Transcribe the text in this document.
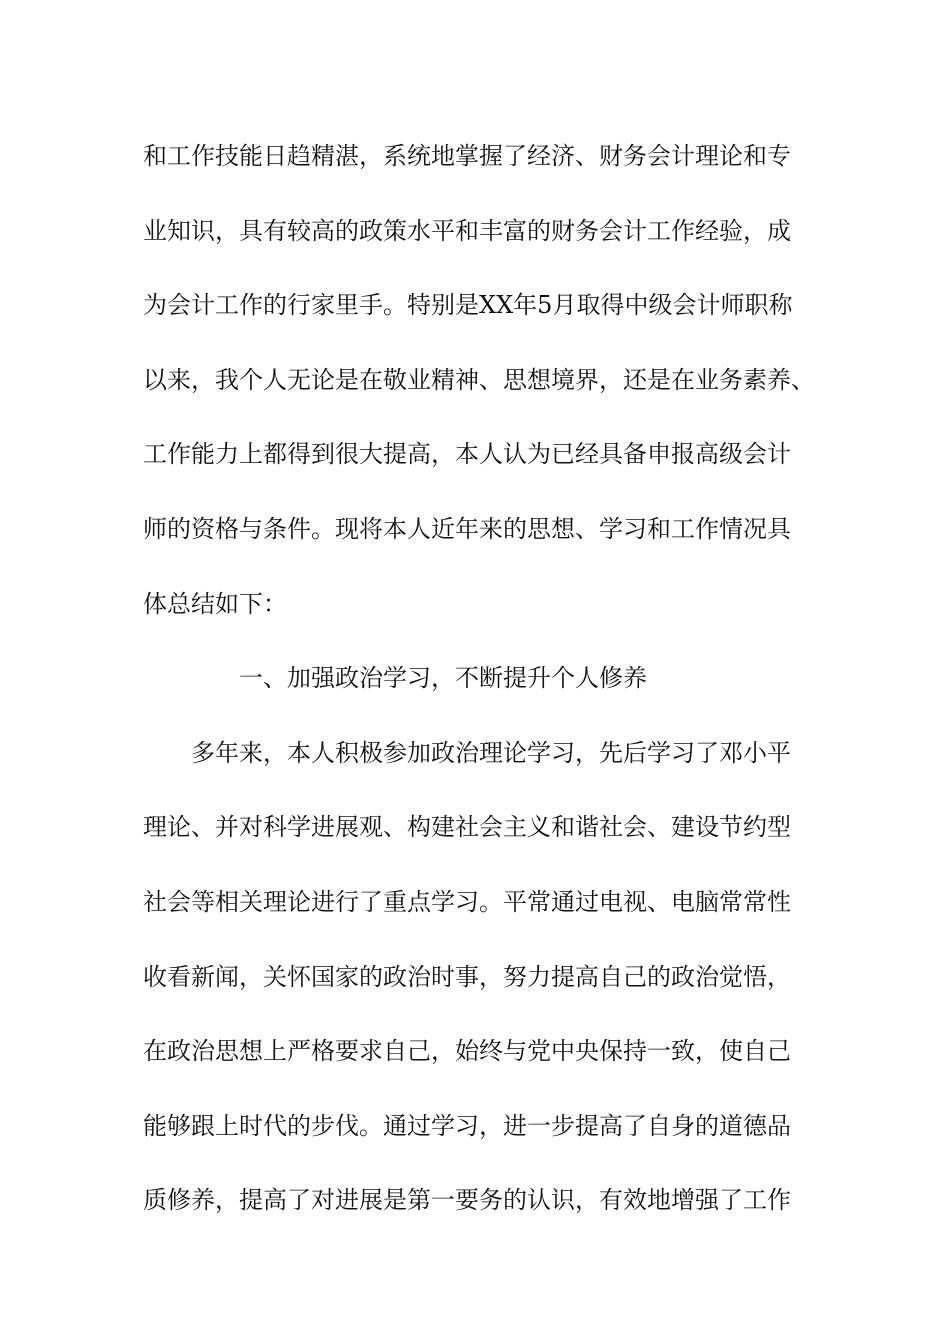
和工作技能日趋精湛，系统地掌握了经济、财务会计理论和专
业知识，具有较高的政策水平和丰富的财务会计工作经验，成
为会计工作的行家里手。特别是XX年5月取得中级会计师职称
以来，我个人无论是在敬业精神、思想境界，还是在业务素养、
工作能力上都得到很大提高，本人认为已经具备申报高级会计
师的资格与条件。现将本人近年来的思想、学习和工作情况具
体总结如下：
一、加强政治学习，不断提升个人修养
多年来，本人积极参加政治理论学习，先后学习了邓小平
理论、并对科学进展观、构建社会主义和谐社会、建设节约型
社会等相关理论进行了重点学习。平常通过电视、电脑常常性
收看新闻，关怀国家的政治时事，努力提高自己的政治觉悟，
在政治思想上严格要求自己，始终与党中央保持一致，使自己
能够跟上时代的步伐。通过学习，进一步提高了自身的道德品
质修养，提高了对进展是第一要务的认识，有效地增强了工作
